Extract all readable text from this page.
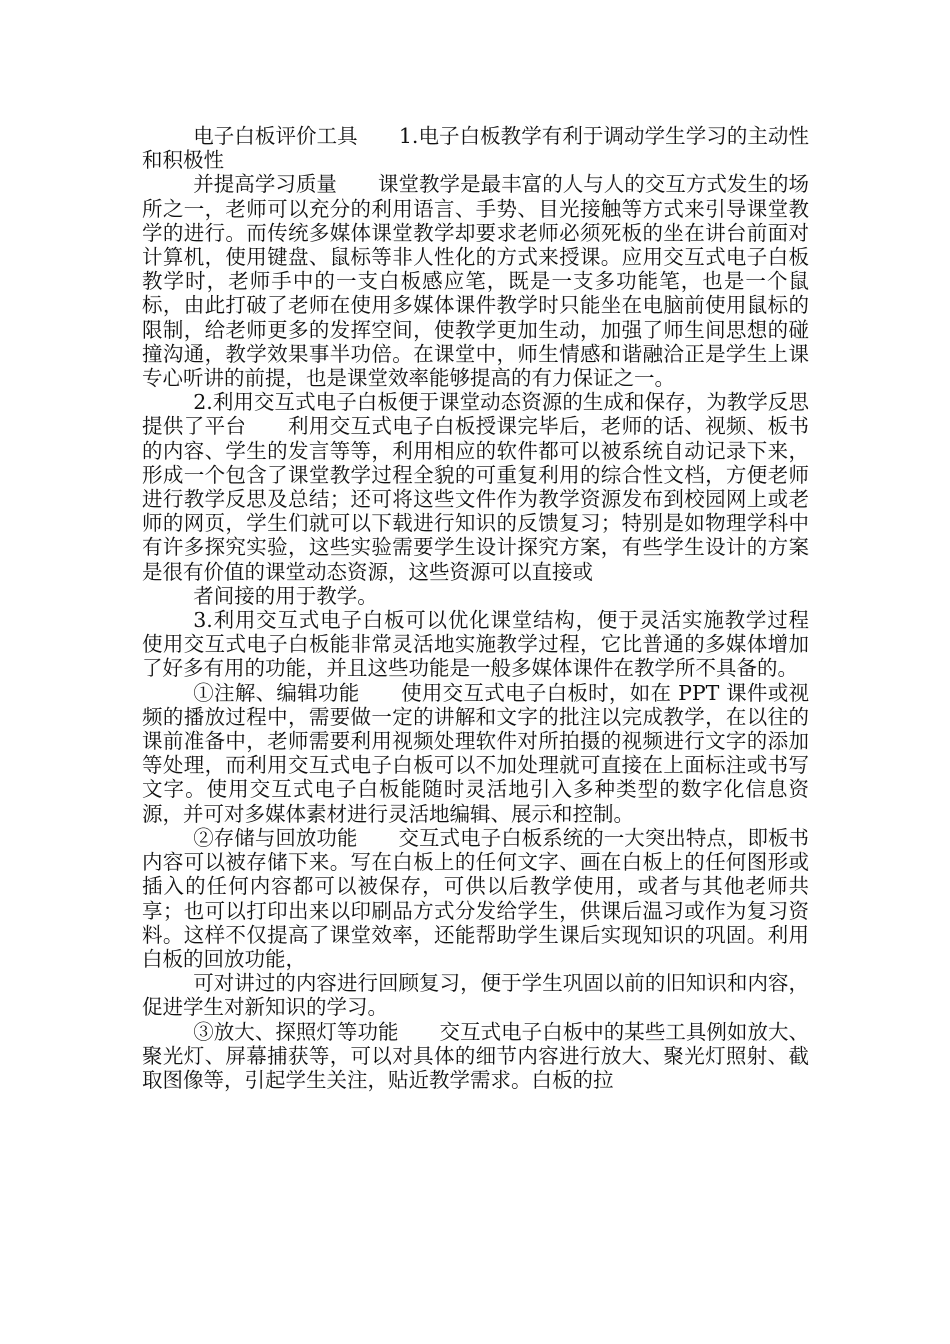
电子白板评价工具　　1.电子白板教学有利于调动学生学习的主动性和积极性

并提高学习质量　　课堂教学是最丰富的人与人的交互方式发生的场所之一，老师可以充分的利用语言、手势、目光接触等方式来引导课堂教学的进行。而传统多媒体课堂教学却要求老师必须死板的坐在讲台前面对计算机，使用键盘、鼠标等非人性化的方式来授课。应用交互式电子白板教学时，老师手中的一支白板感应笔，既是一支多功能笔，也是一个鼠标，由此打破了老师在使用多媒体课件教学时只能坐在电脑前使用鼠标的限制，给老师更多的发挥空间，使教学更加生动，加强了师生间思想的碰撞沟通，教学效果事半功倍。在课堂中，师生情感和谐融洽正是学生上课专心听讲的前提，也是课堂效率能够提高的有力保证之一。

2.利用交互式电子白板便于课堂动态资源的生成和保存，为教学反思提供了平台　　利用交互式电子白板授课完毕后，老师的话、视频、板书的内容、学生的发言等等，利用相应的软件都可以被系统自动记录下来，形成一个包含了课堂教学过程全貌的可重复利用的综合性文档，方便老师进行教学反思及总结；还可将这些文件作为教学资源发布到校园网上或老师的网页，学生们就可以下载进行知识的反馈复习；特别是如物理学科中有许多探究实验，这些实验需要学生设计探究方案，有些学生设计的方案是很有价值的课堂动态资源，这些资源可以直接或

者间接的用于教学。

3.利用交互式电子白板可以优化课堂结构，便于灵活实施教学过程　　使用交互式电子白板能非常灵活地实施教学过程，它比普通的多媒体增加了好多有用的功能，并且这些功能是一般多媒体课件在教学所不具备的。

①注解、编辑功能　　使用交互式电子白板时，如在 PPT 课件或视频的播放过程中，需要做一定的讲解和文字的批注以完成教学，在以往的课前准备中，老师需要利用视频处理软件对所拍摄的视频进行文字的添加等处理，而利用交互式电子白板可以不加处理就可直接在上面标注或书写文字。使用交互式电子白板能随时灵活地引入多种类型的数字化信息资源，并可对多媒体素材进行灵活地编辑、展示和控制。

②存储与回放功能　　交互式电子白板系统的一大突出特点，即板书内容可以被存储下来。写在白板上的任何文字、画在白板上的任何图形或插入的任何内容都可以被保存，可供以后教学使用，或者与其他老师共享；也可以打印出来以印刷品方式分发给学生，供课后温习或作为复习资料。这样不仅提高了课堂效率，还能帮助学生课后实现知识的巩固。利用白板的回放功能，

可对讲过的内容进行回顾复习，便于学生巩固以前的旧知识和内容，促进学生对新知识的学习。

③放大、探照灯等功能　　交互式电子白板中的某些工具例如放大、聚光灯、屏幕捕获等，可以对具体的细节内容进行放大、聚光灯照射、截取图像等，引起学生关注，贴近教学需求。白板的拉
